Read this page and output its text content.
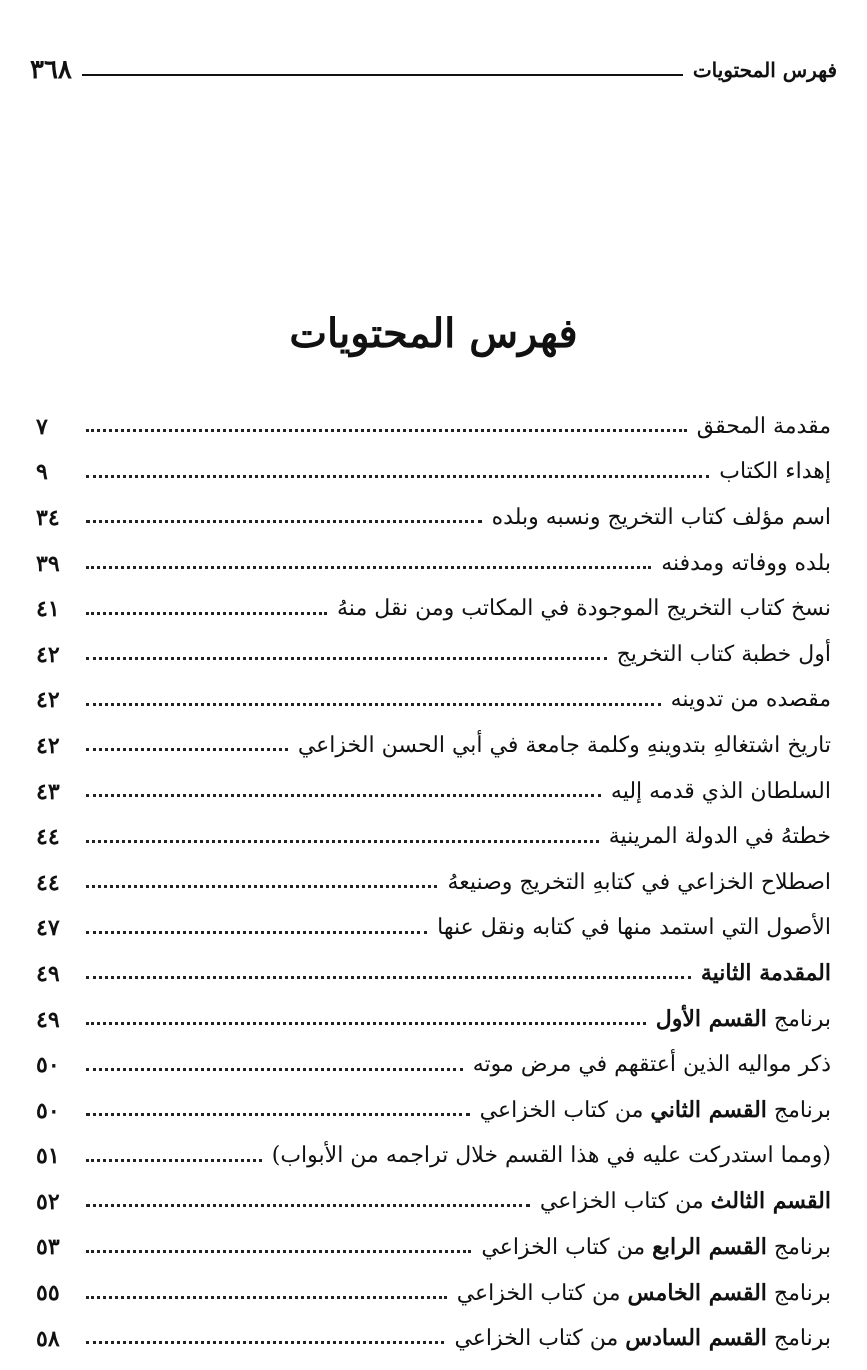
فهرس المحتويات
٣٦٨
فهرس المحتويات
مقدمة المحقق
٧
إهداء الكتاب
٩
اسم مؤلف كتاب التخريج ونسبه وبلده
٣٤
بلده ووفاته ومدفنه
٣٩
نسخ كتاب التخريج الموجودة في المكاتب ومن نقل منهُ
٤١
أول خطبة كتاب التخريج
٤٢
مقصده من تدوينه
٤٢
تاريخ اشتغالهِ بتدوينهِ وكلمة جامعة في أبي الحسن الخزاعي
٤٢
السلطان الذي قدمه إليه
٤٣
خطتهُ في الدولة المرينية
٤٤
اصطلاح الخزاعي في كتابهِ التخريج وصنيعهُ
٤٤
الأصول التي استمد منها في كتابه ونقل عنها
٤٧
المقدمة الثانية
٤٩
برنامج القسم الأول
٤٩
ذكر مواليه الذين أعتقهم في مرض موته
٥٠
برنامج القسم الثاني من كتاب الخزاعي
٥٠
(ومما استدركت عليه في هذا القسم خلال تراجمه من الأبواب)
٥١
القسم الثالث من كتاب الخزاعي
٥٢
برنامج القسم الرابع من كتاب الخزاعي
٥٣
برنامج القسم الخامس من كتاب الخزاعي
٥٥
برنامج القسم السادس من كتاب الخزاعي
٥٨
